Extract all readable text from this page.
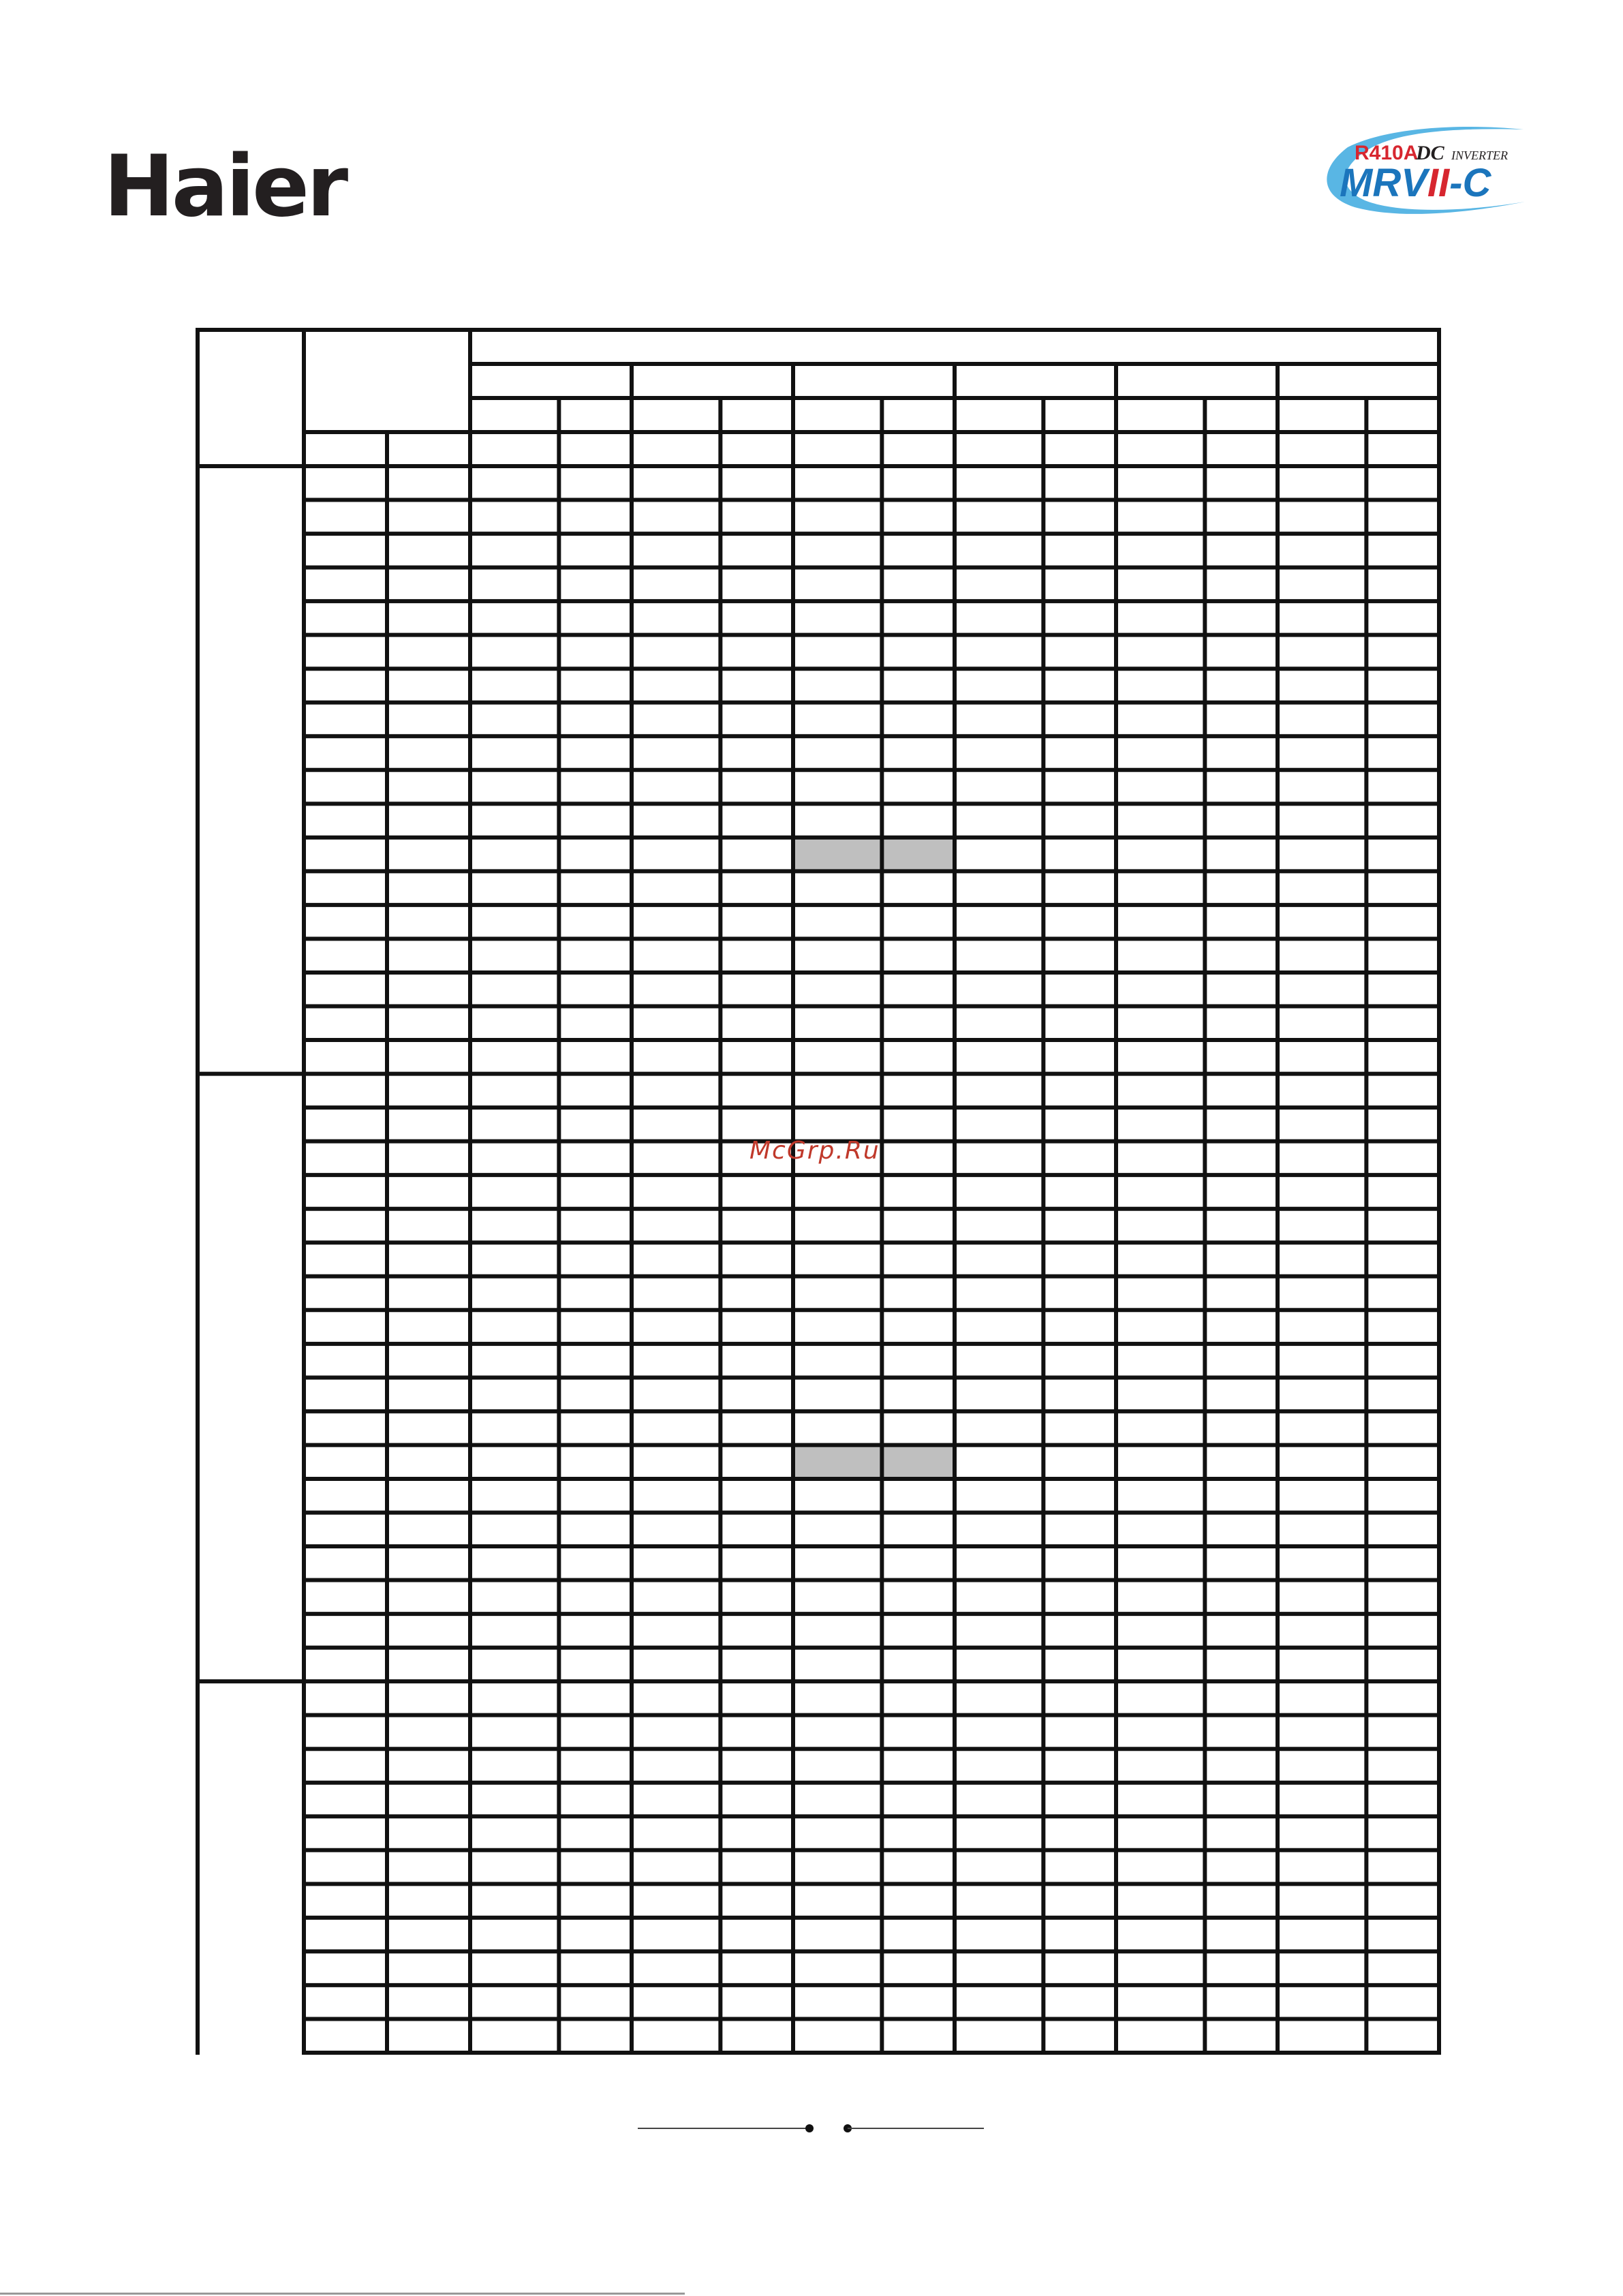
Haier	R410A
DC INVERTER
MRVII-C
McGrp.Ru
